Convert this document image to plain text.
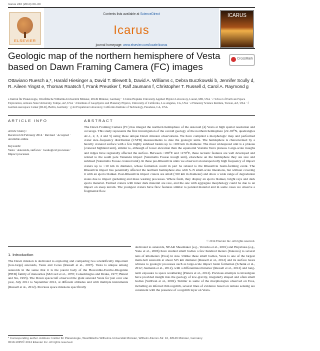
Icarus 240 (2014) 00–00
ELSEVIER
Contents lists available at ScienceDirect
Icarus
journal homepage: www.elsevier.com/locate/icarus
ICARUS
Geologic map of the northern hemisphere of Vesta based on Dawn Framing Camera (FC) images
CrossMark
Ottaviano Ruesch a,*, Harald Hiesinger a, David T. Blewett b, David A. Williams c, Debra Buczkowski b, Jennifer Scully d, R. Aileen Yingst e, Thomas Roatsch f, Frank Preusker f, Ralf Jaumann f, Christopher T. Russell d, Carol A. Raymond g
a Institut für Planetologie, Westfälische Wilhelms-Universität Münster, 48149 Münster, Germany · b Johns Hopkins University Applied Physics Laboratory, Laurel, MD, USA · c School of Earth and Space Exploration, Arizona State University, Tempe, AZ, USA · d Institute of Geophysics and Planetary Physics, University of California, Los Angeles, CA, USA · e Planetary Science Institute, Tucson, AZ, USA · f German Aerospace Center (DLR), Berlin, Germany · g Jet Propulsion Laboratory, California Institute of Technology, Pasadena, CA, USA
ARTICLE INFO	ABSTRACT
Article history:
Received 24 February 2014 · Revised · Accepted · Available online
Keywords:
Vesta · Asteroids, surfaces · Geological processes · Impact processes
The Dawn Framing Camera (FC) has imaged the northern hemisphere of the Asteroid (4) Vesta at high spatial resolution and coverage. This study represents the first investigation of the overall geology of the northern hemisphere (22–90°N, quadrangles Av-1, 2, 3, 4 and 5) using these unique Dawn mission observations. We have compiled a morphologic map and performed crater size–frequency distribution (CSFD) measurements to date the geologic units. The hemisphere is characterized by a heavily cratered surface with a few highly subdued basins up to ~200 km in diameter. The most widespread unit is a plateau (cratered highland unit), similar to, although of lower elevation than the equatorial Vestalia Terra plateau. Large-scale troughs and ridges have regionally affected the surface. Between ~180°E and ~270°E, these tectonic features are well developed and related to the south pole Veneneia impact (Saturnalia Fossae trough unit), elsewhere on the hemisphere they are rare and subdued (Saturnalia Fossae cratered unit). In these pre-Rheasilvia units we observed an unexpectedly high frequency of impact craters up to ~10 km in diameter, whose formation could in part be related to the Rheasilvia basin-forming event. The Rheasilvia impact has potentially affected the northern hemisphere also with S–N small-scale lineations, but without covering it with an ejecta blanket. Post-Rheasilvia impact craters are small (<60 km in diameter) and show a wide range of degradation states due to impact gardening and mass wasting processes. Where fresh, they display an ejecta blanket, bright rays and dark ejecta material. Farmed craters with inner dark material are rare, and the one with aggregate morphology could be due to an impact on steep terrain. The youngest craters have flow features similar to ponded material and in some cases we observe a fragmental flow.
© 2014 Elsevier Inc. All rights reserved.
1. Introduction
The Dawn mission is dedicated to exploring and comparing two scientifically important (low-large) asteroids, Vesta and Ceres (Russell et al., 2007). Vesta is unique among asteroids in the sense that it is the parent body of the Howardite-Eucrite-Diogenite (HED) family of meteorites (McCord et al., 1970; Consolmagno and Drake, 1977; Binzel and Xu, 1993). The Dawn spacecraft observed the giant asteroid Vesta for just over one year, July 2011 to September 2012, at different altitudes and with multiple instruments (Russell et al., 2012). Previous space missions specifically
dedicated to asteroids, NEAR Shoemaker (e.g., Veverka et al., 2001) and Hayabusa (e.g., Yano et al., 2006) have studied small bodies a few hundred meters (Itokawa) to several tens of kilometers (Eros) in size. Unlike these small bodies, Vesta is one of the largest main-belt asteroids at about 525 km diameter (Russell et al., 2012) and its surface bears witness to geologic processes such as large-scale impact basin formation (Schenk et al., 2012; Jaumann et al., 2012), with a differentiated interior (Russell et al., 2012) and long-term exposure to space weathering (Pieters et al., 2012). Previous attempts to investigate have provided insight into the geology of low-gravity, irregularly shaped and often small bodies (Sullivan et al., 2002). Similar to some of the morphologies observed on Eros, including an inferred thin regolith, several lines of evidence based on remote sensing are consistent with the presence of a regolith layer on Vesta.
* Corresponding author. Address: Institut für Planetologie, Westfälische Wilhelms-Universität Münster, Wilhelm-Klemm-Str. 10, 48149 Münster, Germany.
0019-1035/© 2014 Elsevier Inc. All rights reserved.
